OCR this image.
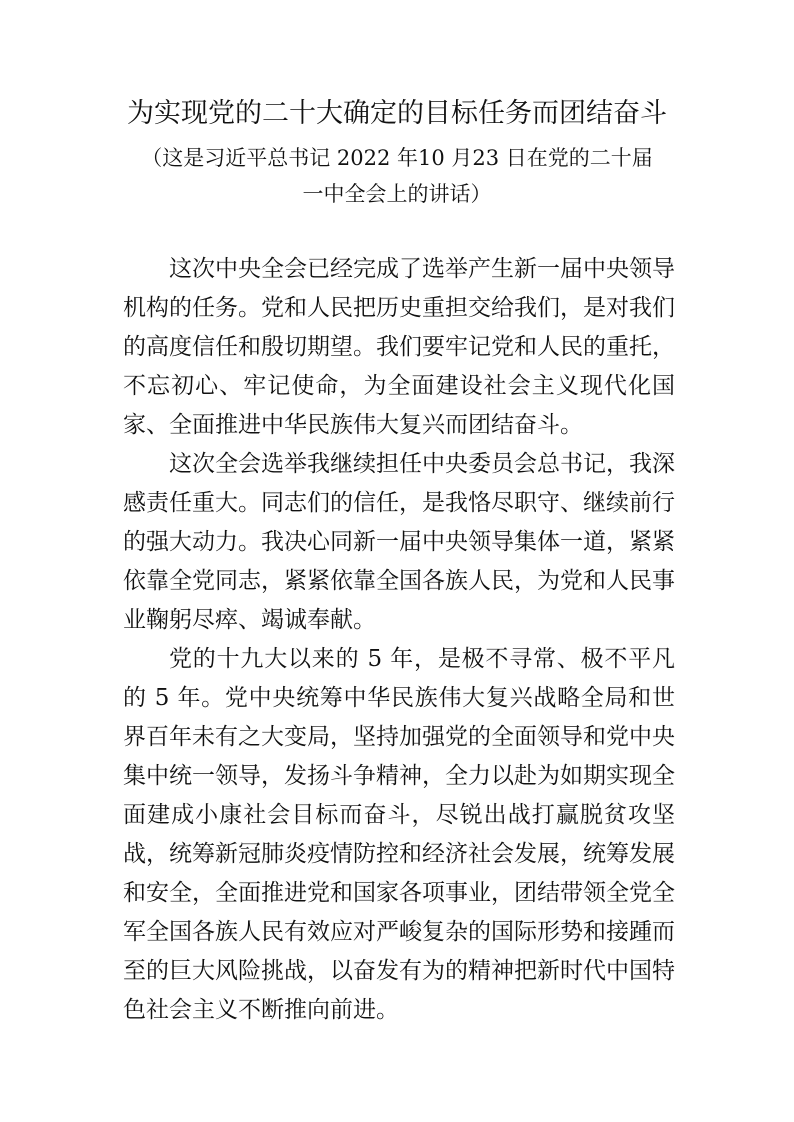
为实现党的二十大确定的目标任务而团结奋斗
（这是习近平总书记 2022 年10 月23 日在党的二十届
一中全会上的讲话）

这次中央全会已经完成了选举产生新一届中央领导机构的任务。党和人民把历史重担交给我们，是对我们的高度信任和殷切期望。我们要牢记党和人民的重托，不忘初心、牢记使命，为全面建设社会主义现代化国家、全面推进中华民族伟大复兴而团结奋斗。

这次全会选举我继续担任中央委员会总书记，我深感责任重大。同志们的信任，是我恪尽职守、继续前行的强大动力。我决心同新一届中央领导集体一道，紧紧依靠全党同志，紧紧依靠全国各族人民，为党和人民事业鞠躬尽瘁、竭诚奉献。

党的十九大以来的 5 年，是极不寻常、极不平凡的 5 年。党中央统筹中华民族伟大复兴战略全局和世界百年未有之大变局，坚持加强党的全面领导和党中央集中统一领导，发扬斗争精神，全力以赴为如期实现全面建成小康社会目标而奋斗，尽锐出战打赢脱贫攻坚战，统筹新冠肺炎疫情防控和经济社会发展，统筹发展和安全，全面推进党和国家各项事业，团结带领全党全军全国各族人民有效应对严峻复杂的国际形势和接踵而至的巨大风险挑战，以奋发有为的精神把新时代中国特色社会主义不断推向前进。
